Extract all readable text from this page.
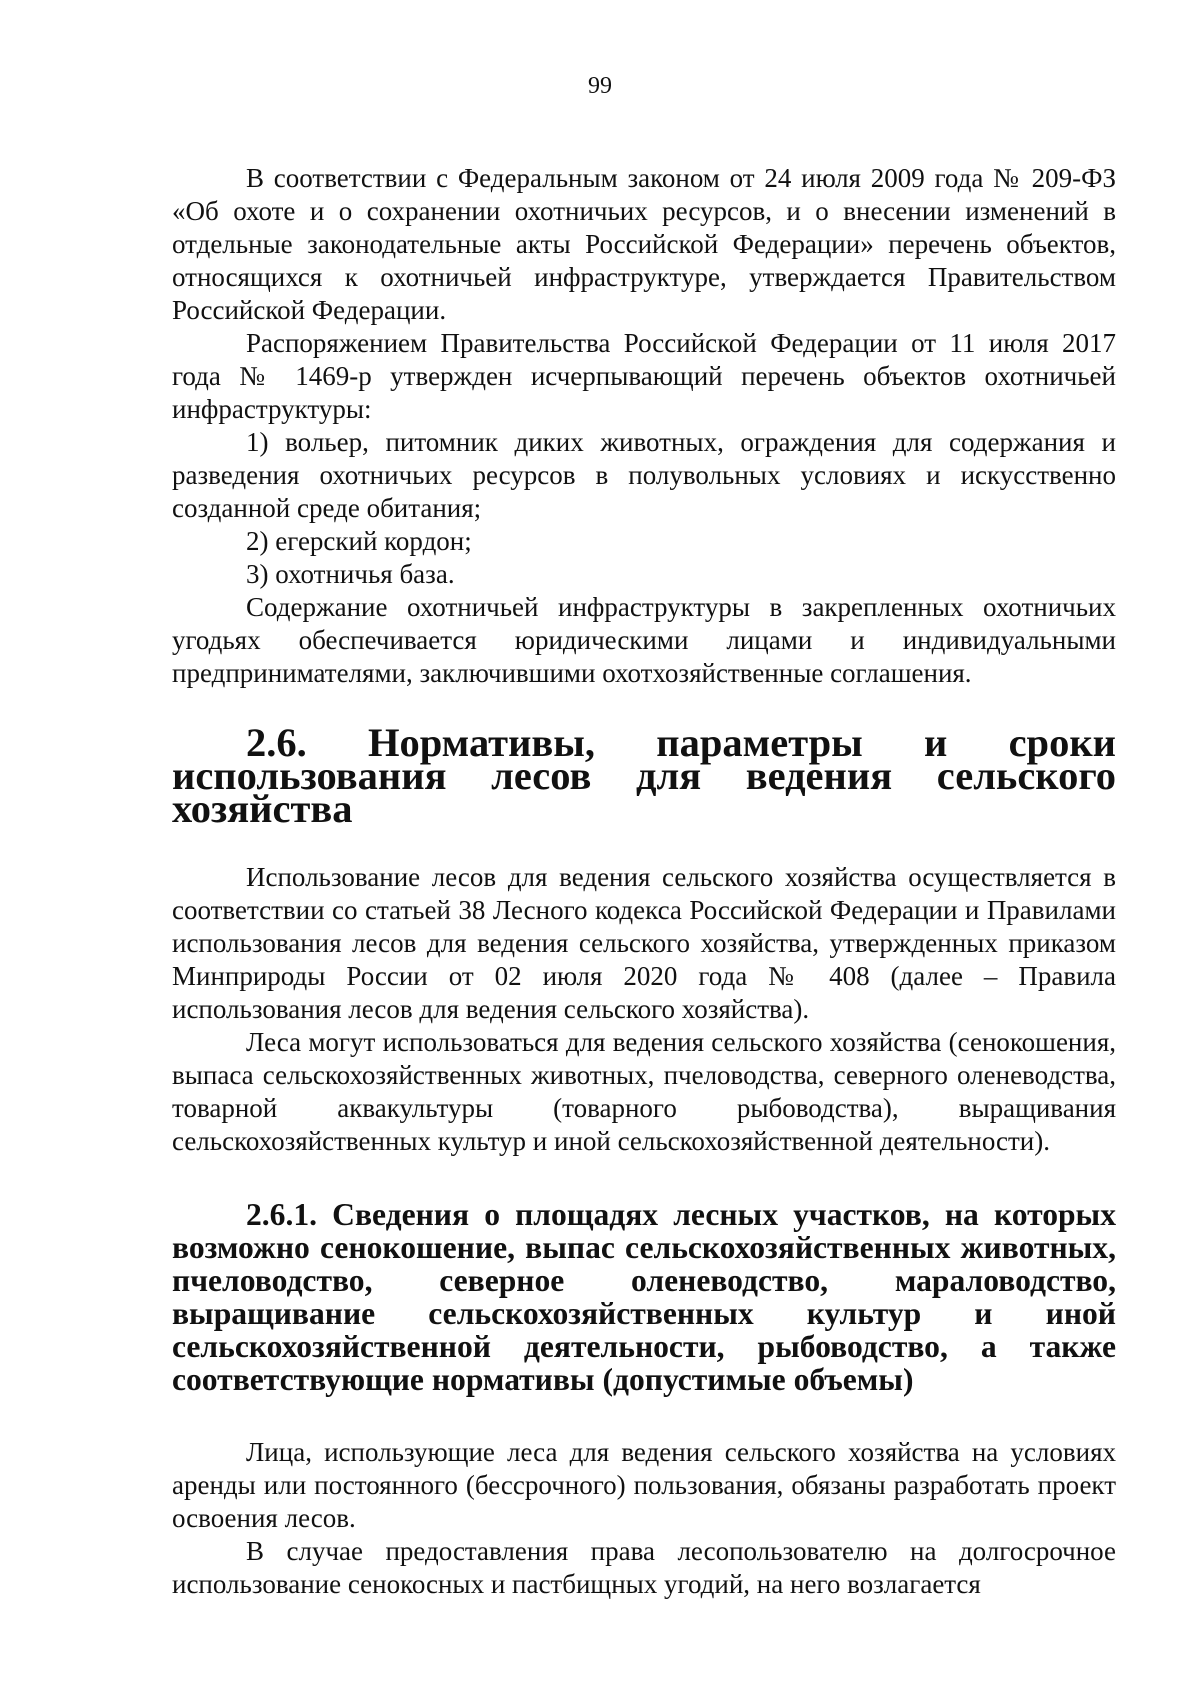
99

В соответствии с Федеральным законом от 24 июля 2009 года № 209-ФЗ «Об охоте и о сохранении охотничьих ресурсов, и о внесении изменений в отдельные законодательные акты Российской Федерации» перечень объектов, относящихся к охотничьей инфраструктуре, утверждается Правительством Российской Федерации.

Распоряжением Правительства Российской Федерации от 11 июля 2017 года № 1469-р утвержден исчерпывающий перечень объектов охотничьей инфраструктуры:

1) вольер, питомник диких животных, ограждения для содержания и разведения охотничьих ресурсов в полувольных условиях и искусственно созданной среде обитания;

2) егерский кордон;

3) охотничья база.

Содержание охотничьей инфраструктуры в закрепленных охотничьих угодьях обеспечивается юридическими лицами и индивидуальными предпринимателями, заключившими охотхозяйственные соглашения.

2.6. Нормативы, параметры и сроки использования лесов для ведения сельского хозяйства

Использование лесов для ведения сельского хозяйства осуществляется в соответствии со статьей 38 Лесного кодекса Российской Федерации и Правилами использования лесов для ведения сельского хозяйства, утвержденных приказом Минприроды России от 02 июля 2020 года № 408 (далее – Правила использования лесов для ведения сельского хозяйства).

Леса могут использоваться для ведения сельского хозяйства (сенокошения, выпаса сельскохозяйственных животных, пчеловодства, северного оленеводства, товарной аквакультуры (товарного рыбоводства), выращивания сельскохозяйственных культур и иной сельскохозяйственной деятельности).

2.6.1. Сведения о площадях лесных участков, на которых возможно сенокошение, выпас сельскохозяйственных животных, пчеловодство, северное оленеводство, мараловодство, выращивание сельскохозяйственных культур и иной сельскохозяйственной деятельности, рыбоводство, а также соответствующие нормативы (допустимые объемы)

Лица, использующие леса для ведения сельского хозяйства на условиях аренды или постоянного (бессрочного) пользования, обязаны разработать проект освоения лесов.

В случае предоставления права лесопользователю на долгосрочное использование сенокосных и пастбищных угодий, на него возлагается
